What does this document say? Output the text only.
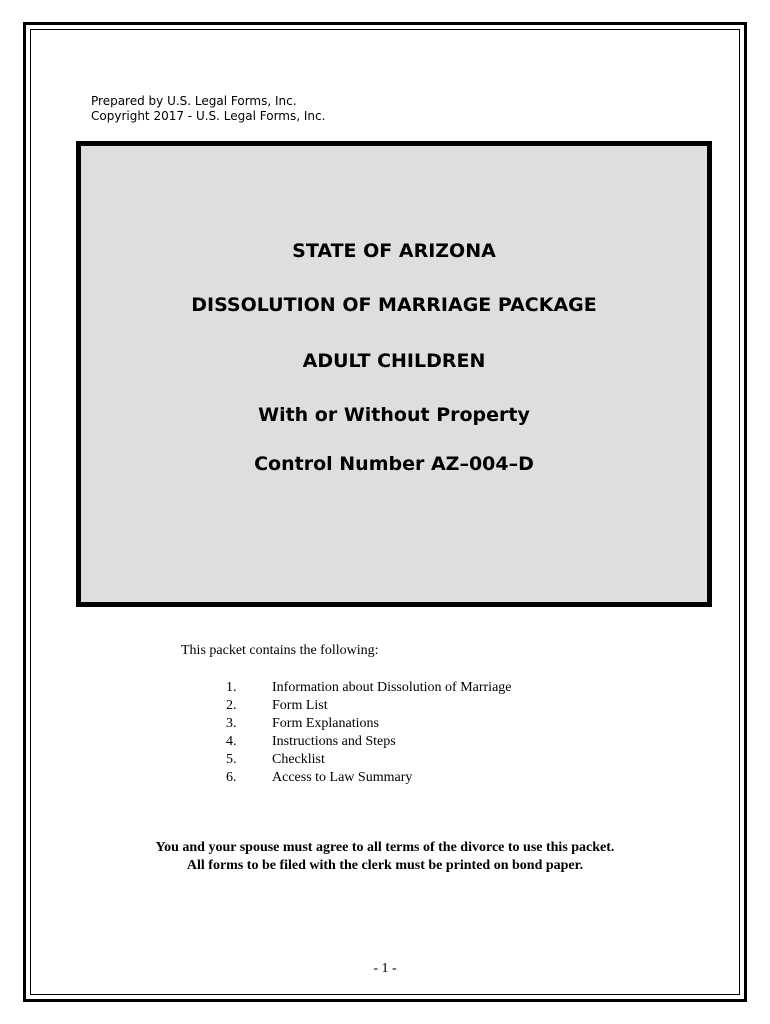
Prepared by U.S. Legal Forms, Inc.
Copyright 2017 - U.S. Legal Forms, Inc.
STATE OF ARIZONA
DISSOLUTION OF MARRIAGE PACKAGE
ADULT CHILDREN
With or Without Property
Control Number AZ–004–D
This packet contains the following:
1.	Information about Dissolution of Marriage
2.	Form List
3.	Form Explanations
4.	Instructions and Steps
5.	Checklist
6.	Access to Law Summary
You and your spouse must agree to all terms of the divorce to use this packet.
All forms to be filed with the clerk must be printed on bond paper.
- 1 -
